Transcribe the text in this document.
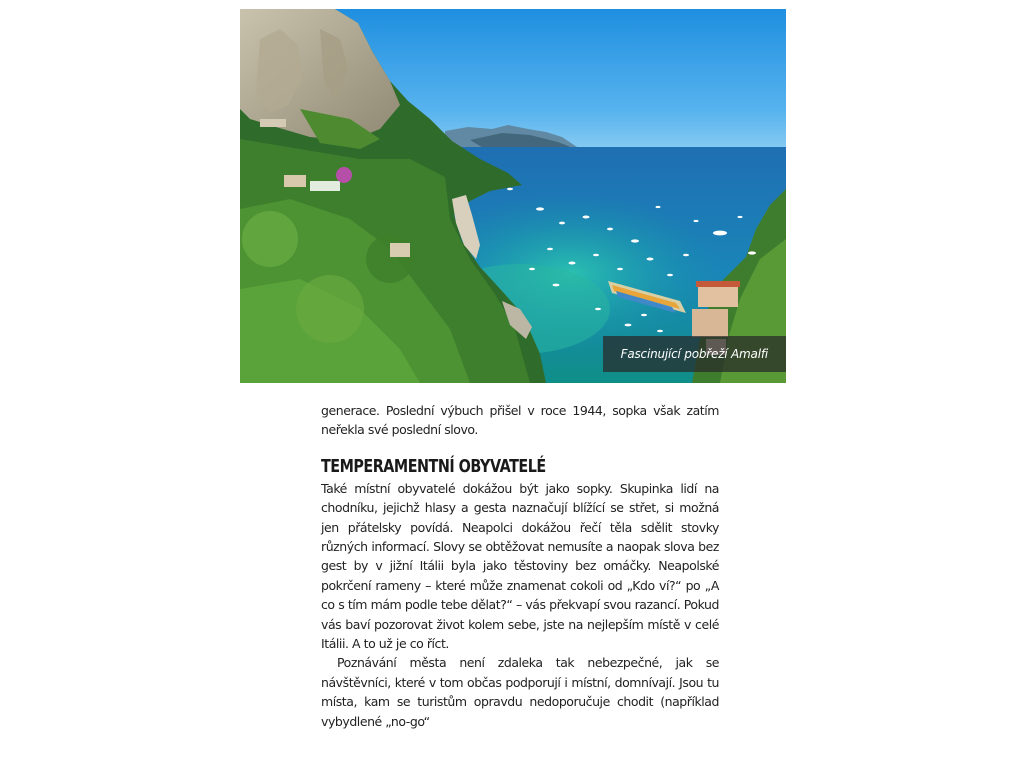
Fascinující pobřeží Amalfi

generace. Poslední výbuch přišel v roce 1944, sopka však zatím neřekla své poslední slovo.

TEMPERAMENTNÍ OBYVATELÉ

Také místní obyvatelé dokážou být jako sopky. Skupinka lidí na chodníku, jejichž hlasy a gesta naznačují blížící se střet, si možná jen přátelsky povídá. Neapolci dokážou řečí těla sdělit stovky různých informací. Slovy se obtěžovat nemusíte a naopak slova bez gest by v jižní Itálii byla jako těstoviny bez omáčky. Neapolské pokrčení rameny – které může znamenat cokoli od „Kdo ví?“ po „A co s tím mám podle tebe dělat?“ – vás překvapí svou razancí. Pokud vás baví pozorovat život kolem sebe, jste na nejlepším místě v celé Itálii. A to už je co říct.

Poznávání města není zdaleka tak nebezpečné, jak se návštěvníci, které v tom občas podporují i místní, domnívají. Jsou tu místa, kam se turistům opravdu nedoporučuje chodit (například vybydlené „no-go“
